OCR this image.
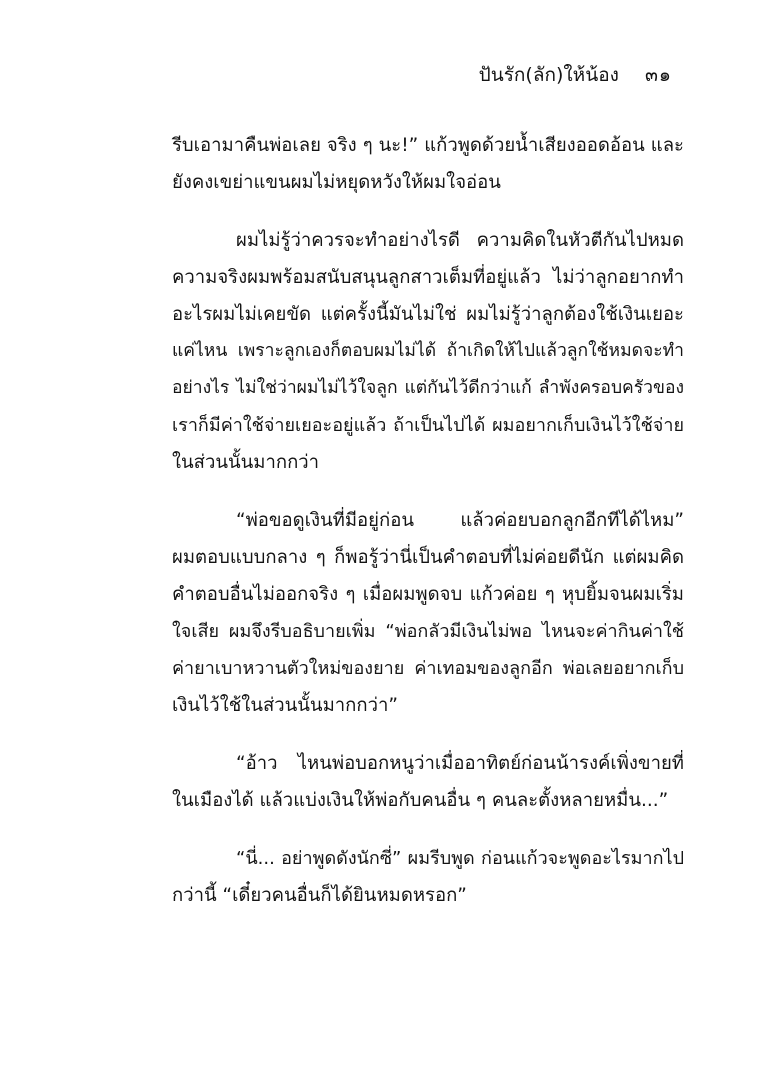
ปันรัก(ลัก)ให้น้อง ๓๑
รีบเอามาคืนพ่อเลย จริง ๆ นะ!” แก้วพูดด้วยน้ำเสียงออดอ้อน และ
ยังคงเขย่าแขนผมไม่หยุดหวังให้ผมใจอ่อน
ผมไม่รู้ว่าควรจะทำอย่างไรดี ความคิดในหัวตีกันไปหมด
ความจริงผมพร้อมสนับสนุนลูกสาวเต็มที่อยู่แล้ว ไม่ว่าลูกอยากทำ
อะไรผมไม่เคยขัด แต่ครั้งนี้มันไม่ใช่ ผมไม่รู้ว่าลูกต้องใช้เงินเยอะ
แค่ไหน เพราะลูกเองก็ตอบผมไม่ได้ ถ้าเกิดให้ไปแล้วลูกใช้หมดจะทำ
อย่างไร ไม่ใช่ว่าผมไม่ไว้ใจลูก แต่กันไว้ดีกว่าแก้ ลำพังครอบครัวของ
เราก็มีค่าใช้จ่ายเยอะอยู่แล้ว ถ้าเป็นไปได้ ผมอยากเก็บเงินไว้ใช้จ่าย
ในส่วนนั้นมากกว่า
“พ่อขอดูเงินที่มีอยู่ก่อน แล้วค่อยบอกลูกอีกทีได้ไหม”
ผมตอบแบบกลาง ๆ ก็พอรู้ว่านี่เป็นคำตอบที่ไม่ค่อยดีนัก แต่ผมคิด
คำตอบอื่นไม่ออกจริง ๆ เมื่อผมพูดจบ แก้วค่อย ๆ หุบยิ้มจนผมเริ่ม
ใจเสีย ผมจึงรีบอธิบายเพิ่ม “พ่อกลัวมีเงินไม่พอ ไหนจะค่ากินค่าใช้
ค่ายาเบาหวานตัวใหม่ของยาย ค่าเทอมของลูกอีก พ่อเลยอยากเก็บ
เงินไว้ใช้ในส่วนนั้นมากกว่า”
“อ้าว ไหนพ่อบอกหนูว่าเมื่ออาทิตย์ก่อนน้ารงค์เพิ่งขายที่
ในเมืองได้ แล้วแบ่งเงินให้พ่อกับคนอื่น ๆ คนละตั้งหลายหมื่น...”
“นี่... อย่าพูดดังนักซี่” ผมรีบพูด ก่อนแก้วจะพูดอะไรมากไป
กว่านี้ “เดี๋ยวคนอื่นก็ได้ยินหมดหรอก”
